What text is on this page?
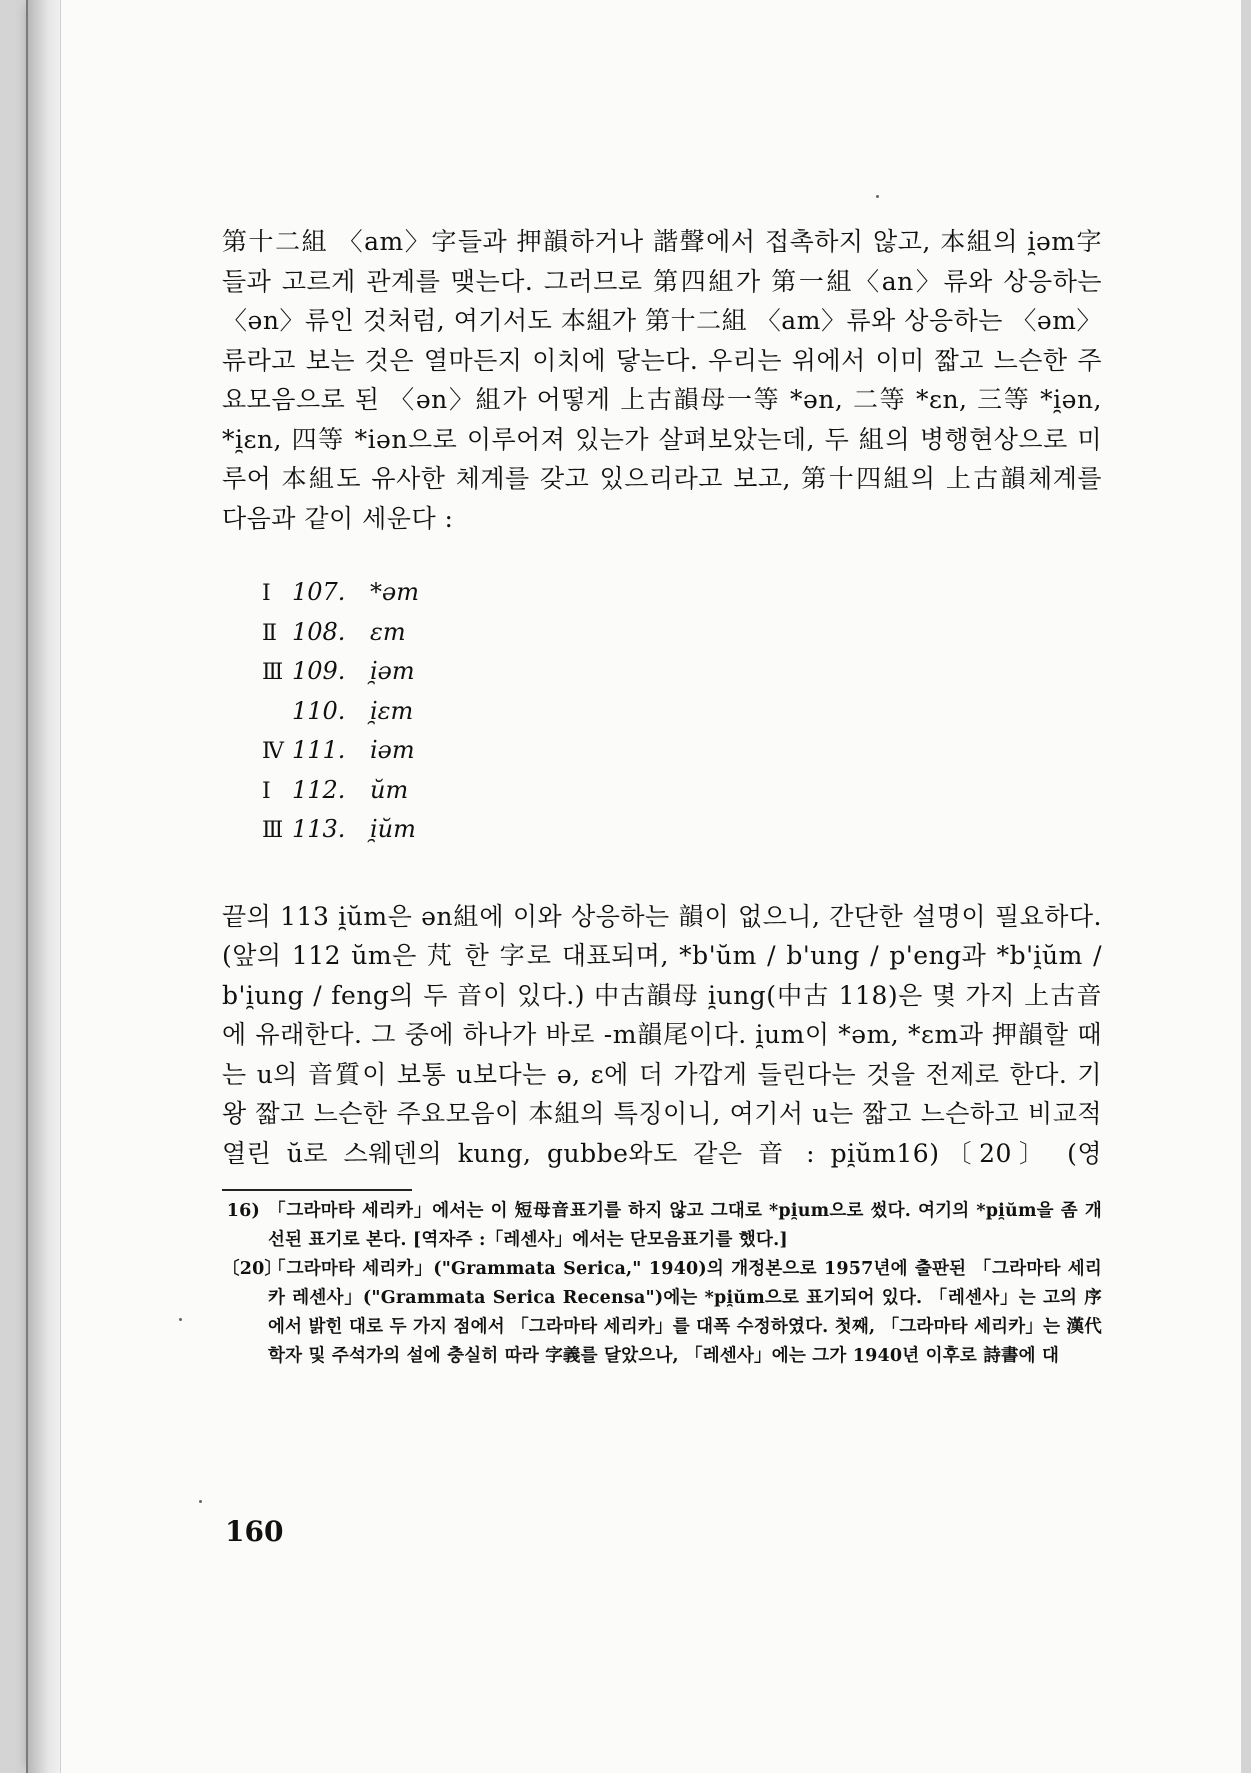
第十二組 〈am〉字들과 押韻하거나 諧聲에서 접촉하지 않고, 本組의 i̯əm字들과 고르게 관계를 맺는다. 그러므로 第四組가 第一組〈an〉류와 상응하는 〈ən〉류인 것처럼, 여기서도 本組가 第十二組 〈am〉류와 상응하는 〈əm〉류라고 보는 것은 열마든지 이치에 닿는다. 우리는 위에서 이미 짧고 느슨한 주요모음으로 된 〈ən〉組가 어떻게 上古韻母一等 *ən, 二等 *ɛn, 三等 *i̯ən, *i̯ɛn, 四等 *iən으로 이루어져 있는가 살펴보았는데, 두 組의 병행현상으로 미루어 本組도 유사한 체계를 갖고 있으리라고 보고, 第十四組의 上古韻체계를 다음과 같이 세운다 :

Ⅰ 107.	*əm
Ⅱ 108.	ɛm
Ⅲ 109.	i̯əm
110.	i̯ɛm
Ⅳ 111.	iəm
Ⅰ 112.	ŭm
Ⅲ 113.	i̯ŭm

끝의 113 i̯ŭm은 ən組에 이와 상응하는 韻이 없으니, 간단한 설명이 필요하다. (앞의 112 ŭm은 芃 한 字로 대표되며, *b'ŭm / b'ung / p'eng과 *b'i̯ŭm / b'i̯ung / feng의 두 音이 있다.) 中古韻母 i̯ung(中古 118)은 몇 가지 上古音에 유래한다. 그 중에 하나가 바로 -m韻尾이다. i̯um이 *əm, *ɛm과 押韻할 때는 u의 音質이 보통 u보다는 ə, ɛ에 더 가깝게 들린다는 것을 전제로 한다. 기왕 짧고 느슨한 주요모음이 本組의 특징이니, 여기서 u는 짧고 느슨하고 비교적 열린 ŭ로 스웨덴의 kung, gubbe와도 같은 音 : pi̯ŭm16)〔20〕 (영

16) 「그라마타 세리카」에서는 이 短母音표기를 하지 않고 그대로 *pi̯um으로 썼다. 여기의 *pi̯ŭm을 좀 개선된 표기로 본다. [역자주 :「레센사」에서는 단모음표기를 했다.]
〔20〕
「그라마타 세리카」("Grammata Serica," 1940)의 개정본으로 1957년에 출판된 「그라마타 세리카 레센사」("Grammata Serica Recensa")에는 *pi̯ŭm으로 표기되어 있다. 「레센사」는 고의 序에서 밝힌 대로 두 가지 점에서 「그라마타 세리카」를 대폭 수정하였다. 첫째, 「그라마타 세리카」는 漢代학자 및 주석가의 설에 충실히 따라 字義를 달았으나, 「레센사」에는 그가 1940년 이후로 詩書에 대
160
